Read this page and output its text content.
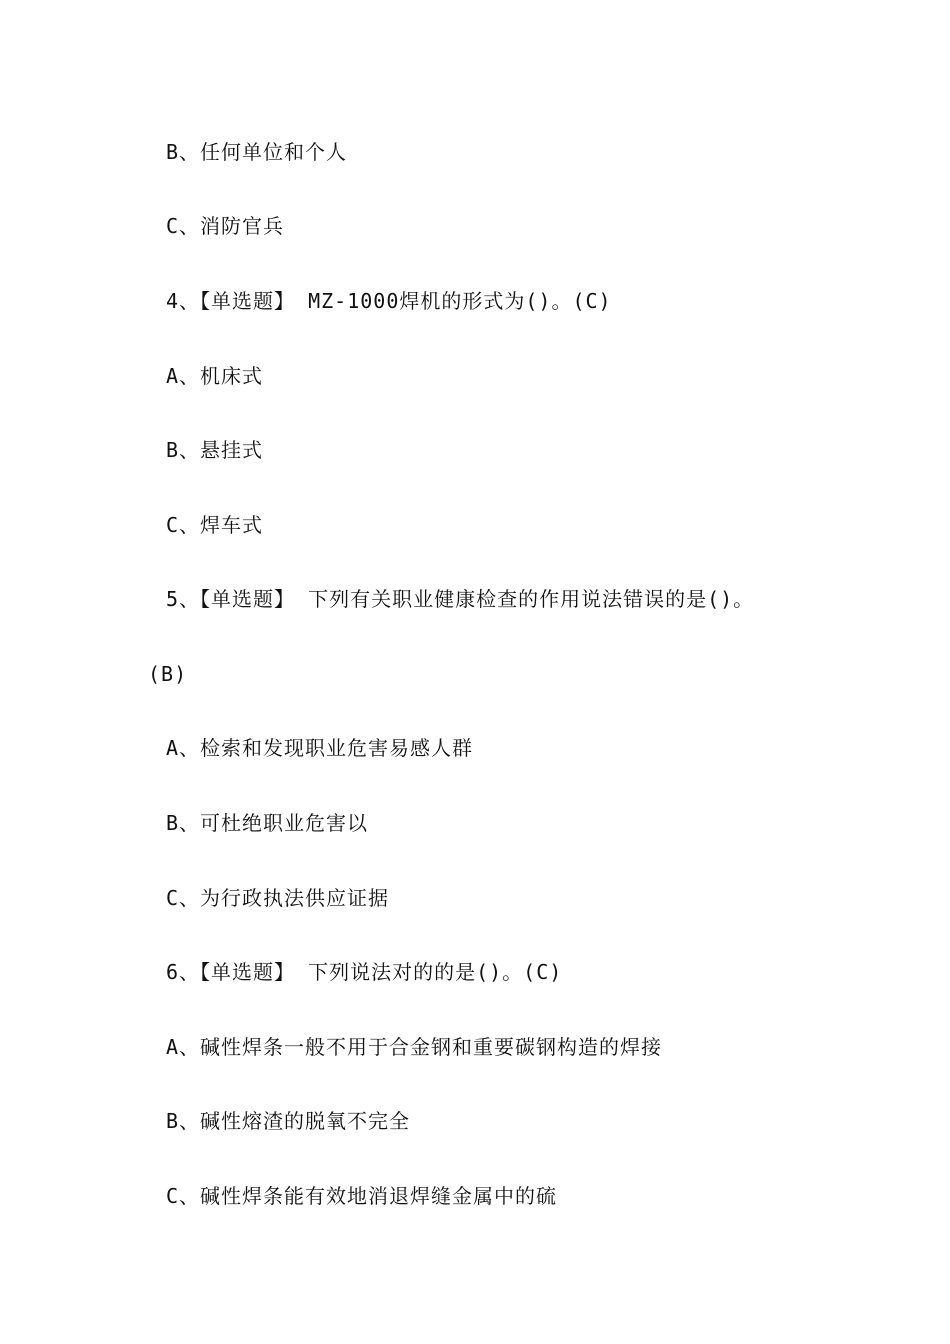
B、任何单位和个人
C、消防官兵
4、【单选题】 MZ-1000焊机的形式为()。(C)
A、机床式
B、悬挂式
C、焊车式
5、【单选题】 下列有关职业健康检查的作用说法错误的是()。
(B)
A、检索和发现职业危害易感人群
B、可杜绝职业危害以
C、为行政执法供应证据
6、【单选题】 下列说法对的的是()。(C)
A、碱性焊条一般不用于合金钢和重要碳钢构造的焊接
B、碱性熔渣的脱氧不完全
C、碱性焊条能有效地消退焊缝金属中的硫
